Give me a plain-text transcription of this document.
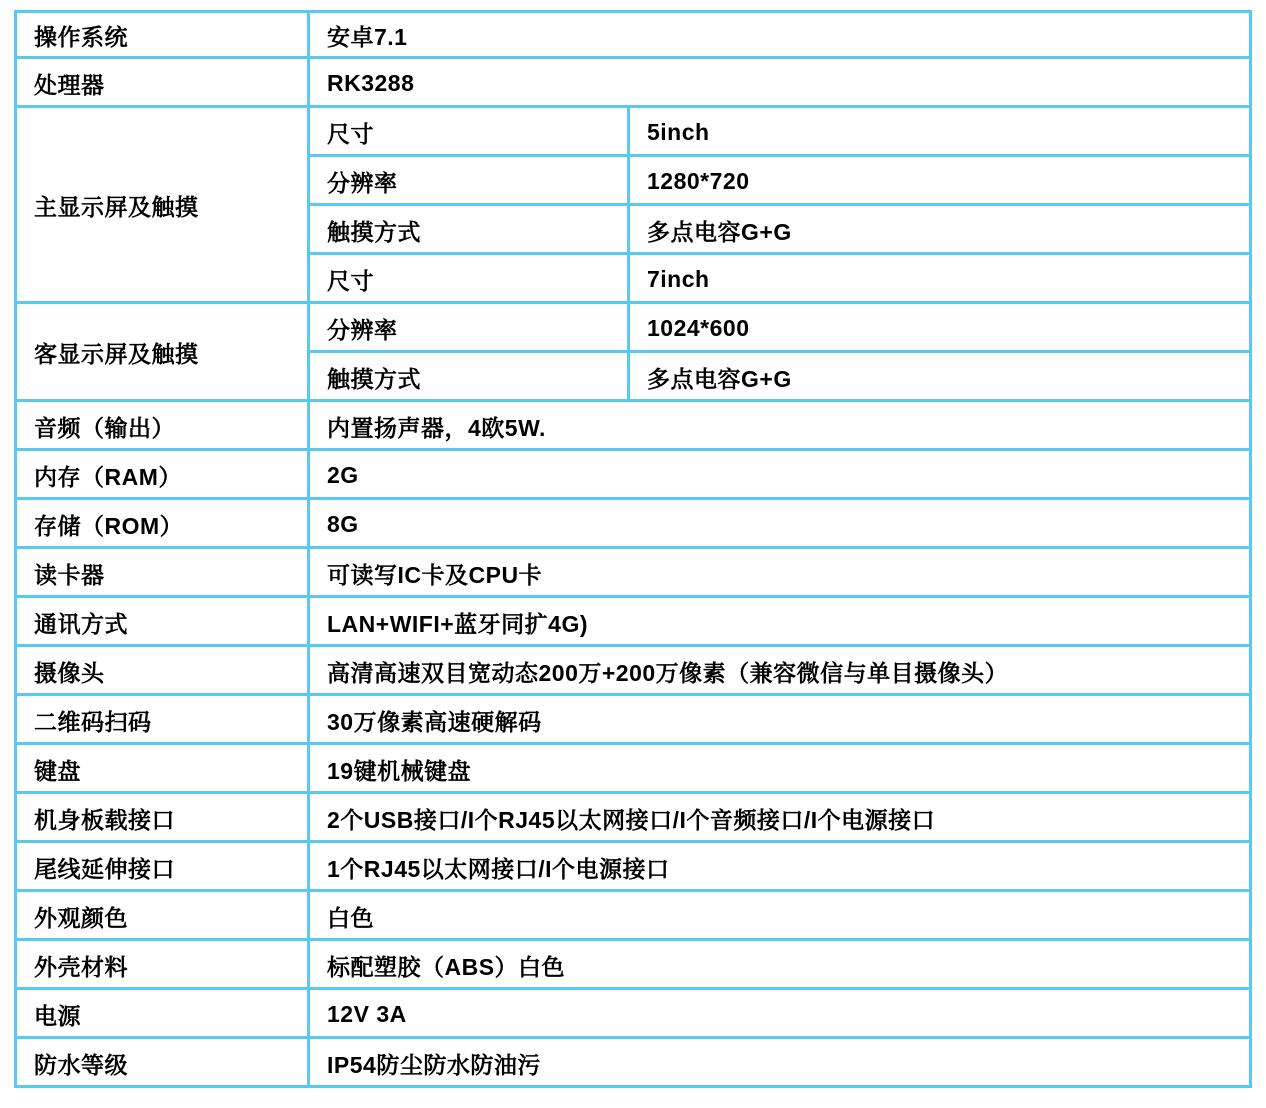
操作系统	安卓7.1	
处理器	RK3288	
主显示屏及触摸	尺寸	5inch
	分辨率	1280*720
	触摸方式	多点电容G+G
	尺寸	7inch
客显示屏及触摸	分辨率	1024*600
	触摸方式	多点电容G+G
音频（输出）	内置扬声器，4欧5W.	
内存（RAM）	2G	
存储（ROM）	8G	
读卡器	可读写IC卡及CPU卡	
通讯方式	LAN+WIFI+蓝牙同扩4G)	
摄像头	高清高速双目宽动态200万+200万像素（兼容微信与单目摄像头）	
二维码扫码	30万像素高速硬解码	
键盘	19键机械键盘	
机身板载接口	2个USB接口/I个RJ45以太网接口/I个音频接口/I个电源接口	
尾线延伸接口	1个RJ45以太网接口/I个电源接口	
外观颜色	白色	
外壳材料	标配塑胶（ABS）白色	
电源	12V 3A	
防水等级	IP54防尘防水防油污	
